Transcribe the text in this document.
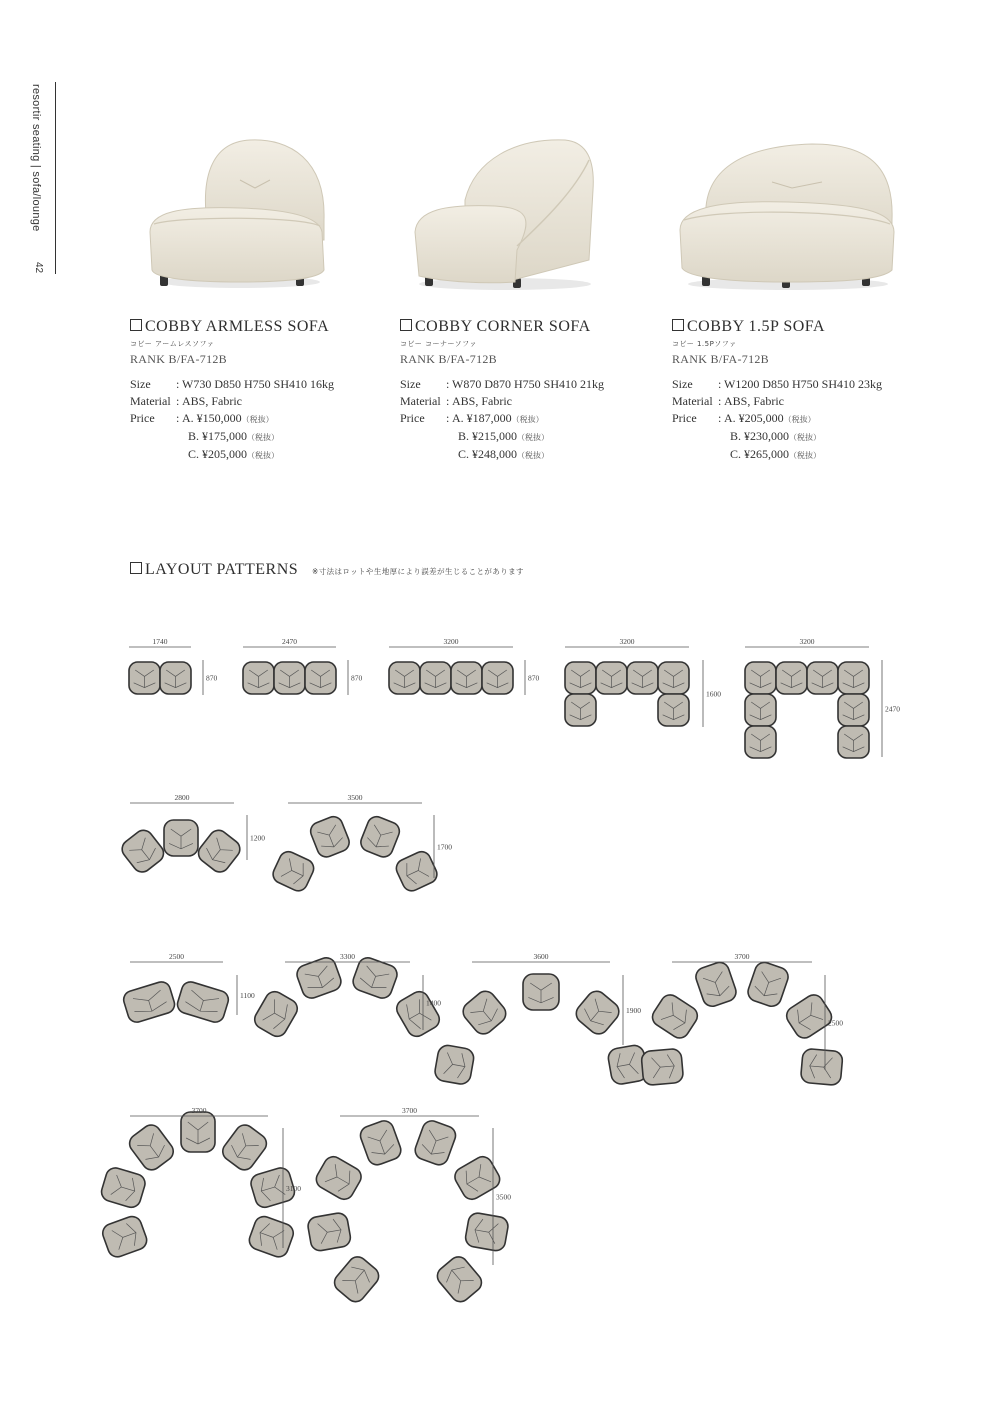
resortir seating | sofa/lounge
42
COBBY ARMLESS SOFA
コビー アームレスソファ
RANK B/FA-712B
Size	: W730 D850 H750 SH410 16kg
Material : ABS, Fabric
Price	: A. ¥150,000（税抜）
B. ¥175,000（税抜）
C. ¥205,000（税抜）
COBBY CORNER SOFA
コビー コーナーソファ
RANK B/FA-712B
Size	: W870 D870 H750 SH410 21kg
Material : ABS, Fabric
Price	: A. ¥187,000（税抜）
B. ¥215,000（税抜）
C. ¥248,000（税抜）
COBBY 1.5P SOFA
コビー 1.5Pソファ
RANK B/FA-712B
Size	: W1200 D850 H750 SH410 23kg
Material : ABS, Fabric
Price	: A. ¥205,000（税抜）
B. ¥230,000（税抜）
C. ¥265,000（税抜）
LAYOUT PATTERNS ※寸法はロットや生地厚により誤差が生じることがあります
1740
870
2470
870
3200
870
3200
1600
3200
2470
2800
1200
3500
1700
2500
1100
3300
1400
3600
1900
3700
2500
3700
3100
3700
3500
